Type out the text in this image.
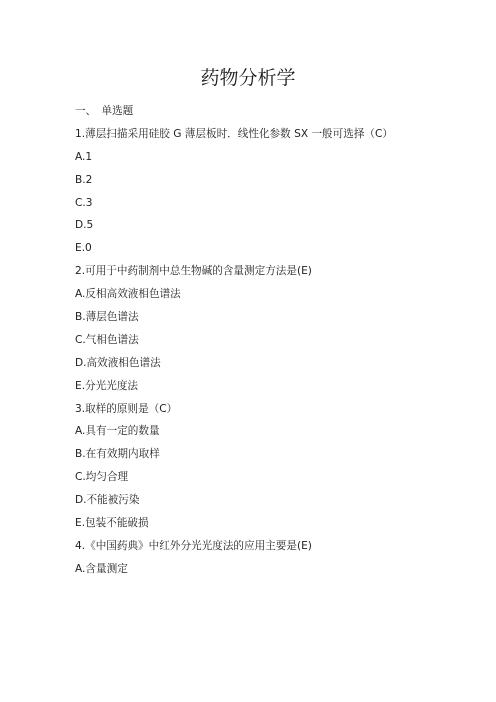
药物分析学
一、　单选题
1.薄层扫描采用硅胶 G 薄层板时．线性化参数 SX 一般可选择（C）
A.1
B.2
C.3
D.5
E.0
2.可用于中药制剂中总生物碱的含量测定方法是(E)
A.反相高效液相色谱法
B.薄层色谱法
C.气相色谱法
D.高效液相色谱法
E.分光光度法
3.取样的原则是（C）
A.具有一定的数量
B.在有效期内取样
C.均匀合理
D.不能被污染
E.包装不能破损
4.《中国药典》中红外分光光度法的应用主要是(E)
A.含量测定
